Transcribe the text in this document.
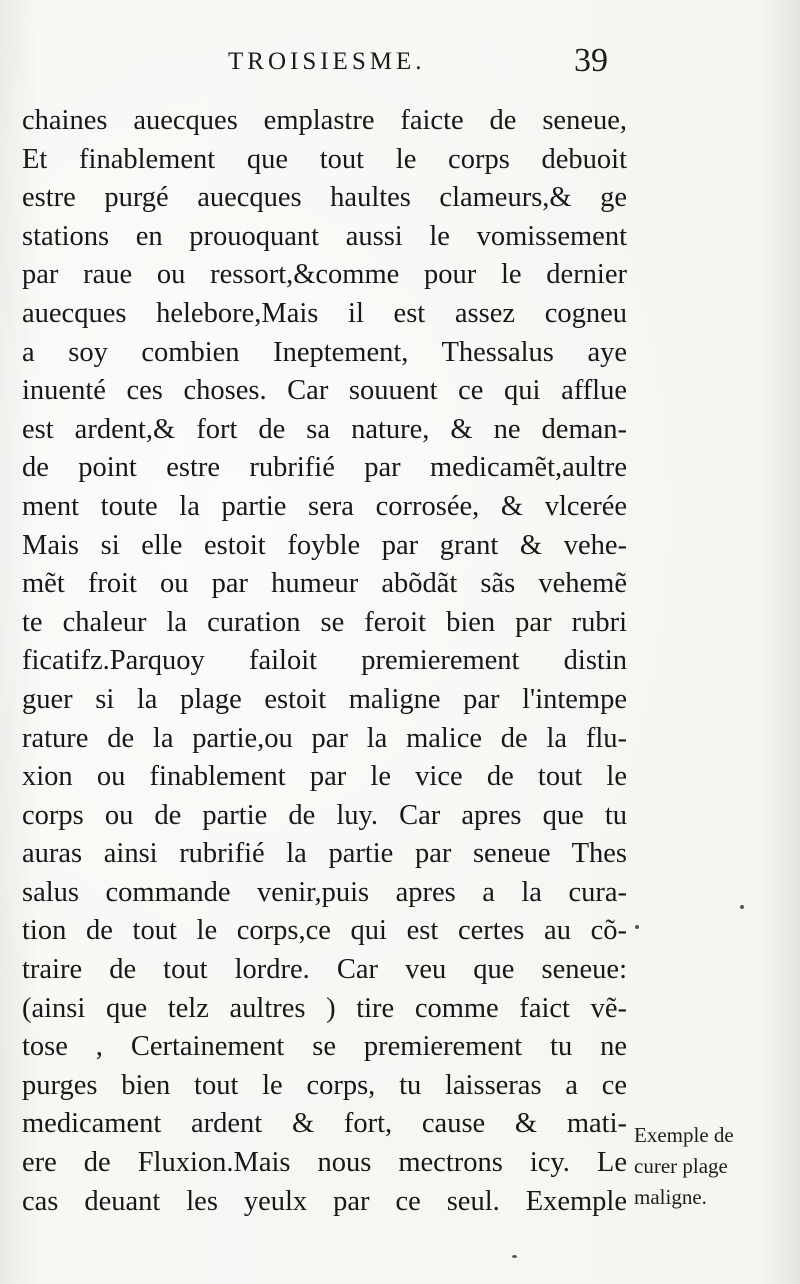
TROISIESME.	39
chaines auecques emplastre faicte de seneue,
Et finablement que tout le corps debuoit
estre purgé auecques haultes clameurs,& ge
stations en prouoquant aussi le vomissement
par raue ou ressort,&comme pour le dernier
auecques helebore,Mais il est assez cogneu
a soy combien Ineptement, Thessalus aye
inuenté ces choses. Car souuent ce qui afflue
est ardent,& fort de sa nature, & ne deman-
de point estre rubrifié par medicamẽt,aultre
ment toute la partie sera corrosée, & vlcerée
Mais si elle estoit foyble par grant & vehe-
mẽt froit ou par humeur abõdãt sãs vehemẽ
te chaleur la curation se feroit bien par rubri
ficatifz.Parquoy failoit premierement distin
guer si la plage estoit maligne par l'intempe
rature de la partie,ou par la malice de la flu-
xion ou finablement par le vice de tout le
corps ou de partie de luy. Car apres que tu
auras ainsi rubrifié la partie par seneue Thes
salus commande venir,puis apres a la cura-
tion de tout le corps,ce qui est certes au cõ-
traire de tout lordre. Car veu que seneue:
(ainsi que telz aultres ) tire comme faict vẽ-
tose , Certainement se premierement tu ne
purges bien tout le corps, tu laisseras a ce
medicament ardent & fort, cause & mati-
ere de Fluxion.Mais nous mectrons icy. Le
cas deuant les yeulx par ce seul. Exemple
Exemple de
curer plage
maligne.
